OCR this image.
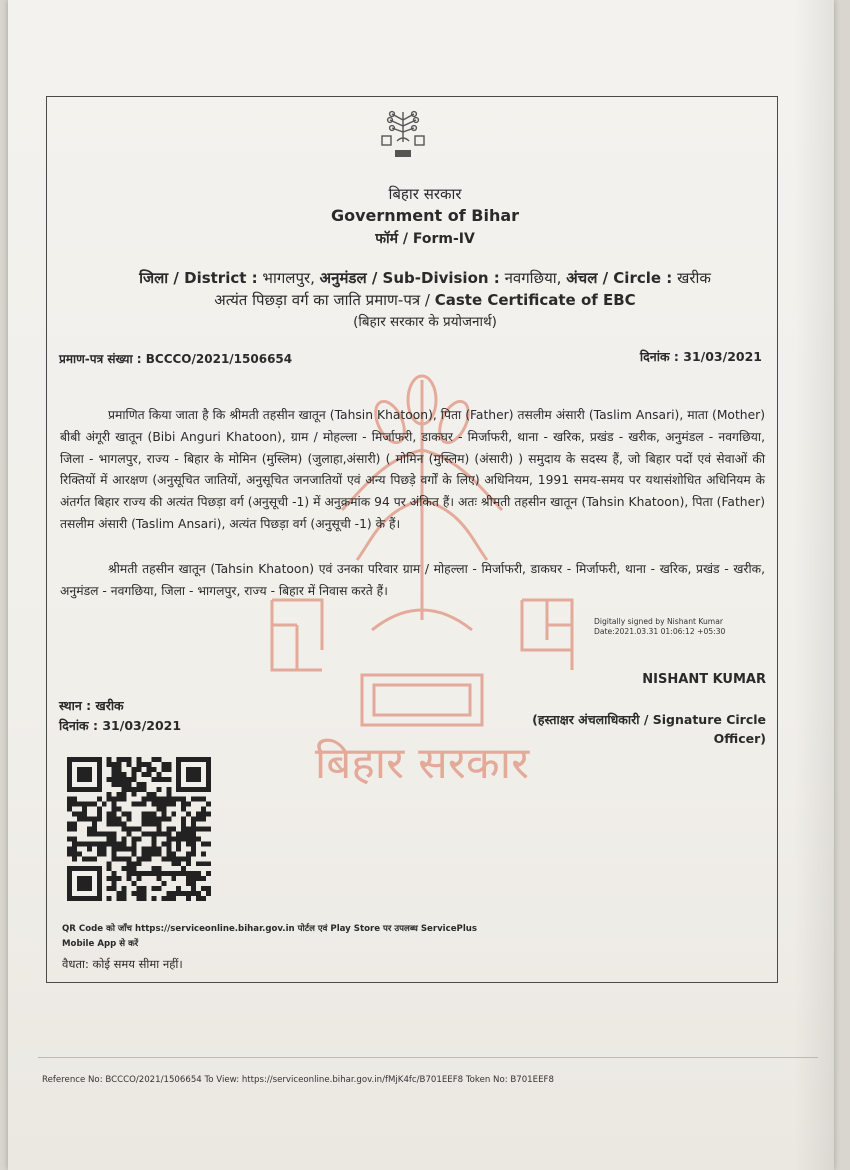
बिहार सरकार
Government of Bihar
फॉर्म / Form-IV
जिला / District : भागलपुर, अनुमंडल / Sub-Division : नवगछिया, अंचल / Circle : खरीक
अत्यंत पिछड़ा वर्ग का जाति प्रमाण-पत्र / Caste Certificate of EBC
(बिहार सरकार के प्रयोजनार्थ)
प्रमाण-पत्र संख्या : BCCCO/2021/1506654	दिनांक : 31/03/2021
बिहार सरकार
प्रमाणित किया जाता है कि श्रीमती तहसीन खातून (Tahsin Khatoon), पिता (Father) तसलीम अंसारी (Taslim Ansari), माता (Mother) बीबी अंगूरी खातून (Bibi Anguri Khatoon), ग्राम / मोहल्ला - मिर्जाफरी, डाकघर - मिर्जाफरी, थाना - खरिक, प्रखंड - खरीक, अनुमंडल - नवगछिया, जिला - भागलपुर, राज्य - बिहार के मोमिन (मुस्लिम) (जुलाहा,अंसारी) ( मोमिन (मुस्लिम) (अंसारी) ) समुदाय के सदस्य हैं, जो बिहार पदों एवं सेवाओं की रिक्तियों में आरक्षण (अनुसूचित जातियों, अनुसूचित जनजातियों एवं अन्य पिछड़े वर्गों के लिए) अधिनियम, 1991 समय-समय पर यथासंशोधित अधिनियम के अंतर्गत बिहार राज्य की अत्यंत पिछड़ा वर्ग (अनुसूची -1) में अनुक्रमांक 94 पर अंकित हैं। अतः श्रीमती तहसीन खातून (Tahsin Khatoon), पिता (Father) तसलीम अंसारी (Taslim Ansari), अत्यंत पिछड़ा वर्ग (अनुसूची -1) के हैं।
श्रीमती तहसीन खातून (Tahsin Khatoon) एवं उनका परिवार ग्राम / मोहल्ला - मिर्जाफरी, डाकघर - मिर्जाफरी, थाना - खरिक, प्रखंड - खरीक, अनुमंडल - नवगछिया, जिला - भागलपुर, राज्य - बिहार में निवास करते हैं।
Digitally signed by Nishant Kumar
Date:2021.03.31 01:06:12 +05:30
NISHANT KUMAR
(हस्ताक्षर अंचलाधिकारी / Signature Circle
Officer)
स्थान : खरीक
दिनांक : 31/03/2021
QR Code को जाँच https://serviceonline.bihar.gov.in पोर्टल एवं Play Store पर उपलब्ध ServicePlus
Mobile App से करें
वैधता: कोई समय सीमा नहीं।
Reference No: BCCCO/2021/1506654 To View: https://serviceonline.bihar.gov.in/fMjK4fc/B701EEF8 Token No: B701EEF8
